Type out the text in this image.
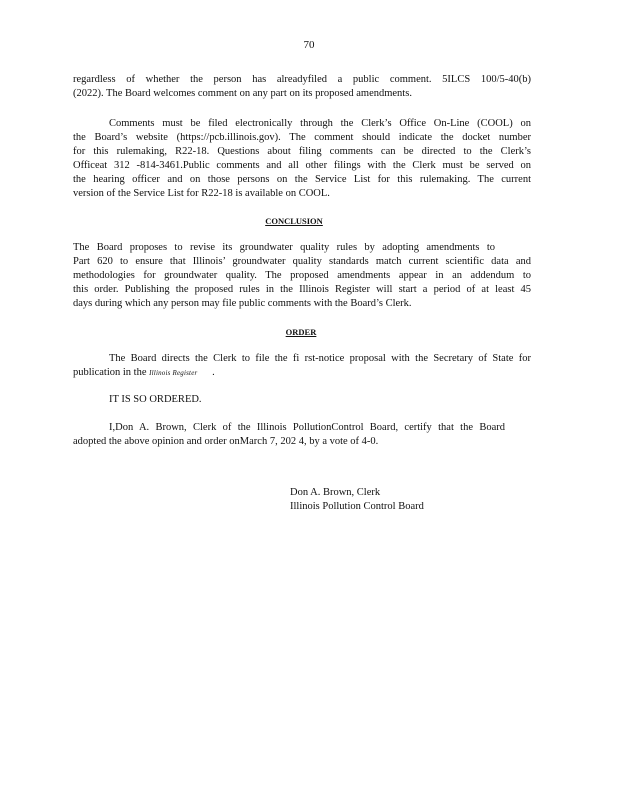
70
regardless of whether the person has alreadyfiled a public comment. 5ILCS 100/5-40(b)
(2022). The Board welcomes comment on any part on its proposed amendments.
Comments must be filed electronically through the Clerk’s Office On-Line (COOL) on
the Board’s website (https://pcb.illinois.gov). The comment should indicate the docket number
for this rulemaking, R22-18. Questions about filing comments can be directed to the Clerk’s
Officeat 312 -814-3461.Public comments and all other filings with the Clerk must be served on
the hearing officer and on those persons on the Service List for this rulemaking. The current
version of the Service List for R22-18 is available on COOL.
CONCLUSION
The Board proposes to revise its groundwater quality rules by adopting amendments to
Part 620 to ensure that Illinois’ groundwater quality standards match current scientific data and
methodologies for groundwater quality. The proposed amendments appear in an addendum to
this order. Publishing the proposed rules in the Illinois Register will start a period of at least 45
days during which any person may file public comments with the Board’s Clerk.
ORDER
The Board directs the Clerk to file the fi rst-notice proposal with the Secretary of State for
publication in the Illinois Register .
IT IS SO ORDERED.
I,Don A. Brown, Clerk of the Illinois PollutionControl Board, certify that the Board
adopted the above opinion and order onMarch 7, 202 4, by a vote of 4-0.
Don A. Brown, Clerk
Illinois Pollution Control Board
